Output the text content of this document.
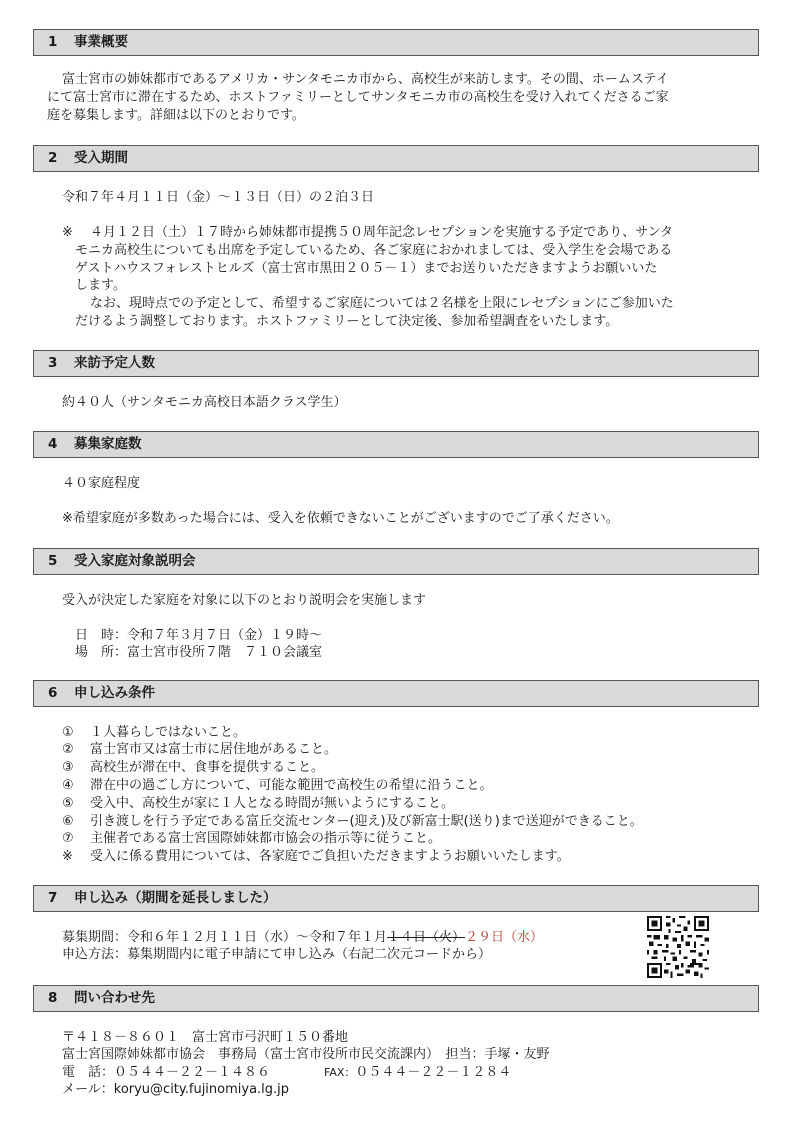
1 事業概要
富士宮市の姉妹都市であるアメリカ・サンタモニカ市から、高校生が来訪します。その間、ホームステイ
にて富士宮市に滞在するため、ホストファミリーとしてサンタモニカ市の高校生を受け入れてくださるご家
庭を募集します。詳細は以下のとおりです。
2 受入期間
令和７年４月１１日（金）～１３日（日）の２泊３日
※ ４月１２日（土）１７時から姉妹都市提携５０周年記念レセプションを実施する予定であり、サンタ
モニカ高校生についても出席を予定しているため、各ご家庭におかれましては、受入学生を会場である
ゲストハウスフォレストヒルズ（富士宮市黒田２０５－１）までお送りいただきますようお願いいた
します。
なお、現時点での予定として、希望するご家庭については２名様を上限にレセプションにご参加いた
だけるよう調整しております。ホストファミリーとして決定後、参加希望調査をいたします。
3 来訪予定人数
約４０人（サンタモニカ高校日本語クラス学生）
4 募集家庭数
４０家庭程度
※希望家庭が多数あった場合には、受入を依頼できないことがございますのでご了承ください。
5 受入家庭対象説明会
受入が決定した家庭を対象に以下のとおり説明会を実施します
日　時：令和７年３月７日（金）１９時～
場　所：富士宮市役所７階　７１０会議室
6 申し込み条件
① １人暮らしではないこと。
② 富士宮市又は富士市に居住地があること。
③ 高校生が滞在中、食事を提供すること。
④ 滞在中の過ごし方について、可能な範囲で高校生の希望に沿うこと。
⑤ 受入中、高校生が家に１人となる時間が無いようにすること。
⑥ 引き渡しを行う予定である富丘交流センター(迎え)及び新富士駅(送り)まで送迎ができること。
⑦ 主催者である富士宮国際姉妹都市協会の指示等に従うこと。
※ 受入に係る費用については、各家庭でご負担いただきますようお願いいたします。
7 申し込み（期間を延長しました）
募集期間：令和６年１２月１１日（水）～令和７年１月１４日（火）２９日（水）
申込方法：募集期間内に電子申請にて申し込み（右記二次元コードから）
8 問い合わせ先
〒４１８－８６０１　富士宮市弓沢町１５０番地
富士宮国際姉妹都市協会　事務局（富士宮市役所市民交流課内）　担当：手塚・友野
電　話：０５４４－２２－１４８６	FAX：０５４４－２２－１２８４
メール：koryu@city.fujinomiya.lg.jp
